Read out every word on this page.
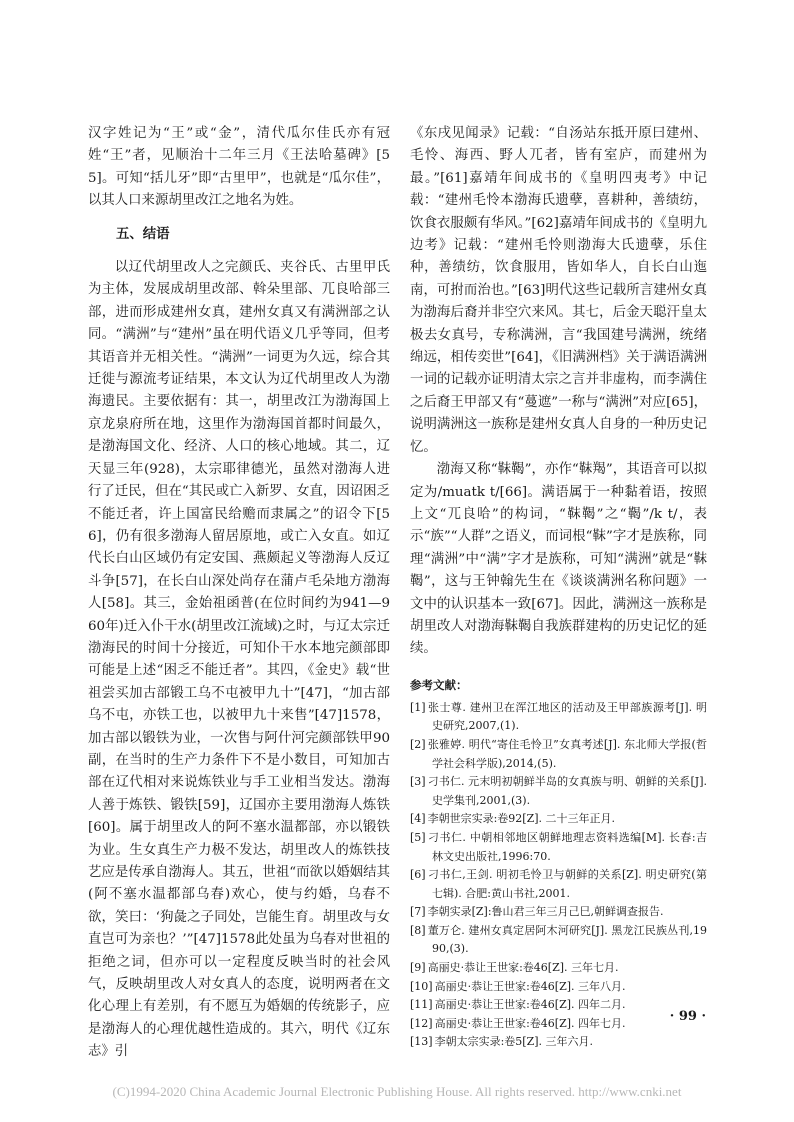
汉字姓记为“王”或“金”，清代瓜尔佳氏亦有冠姓“王”者，见顺治十二年三月《王法哈墓碑》[55]。可知“括儿牙”即“古里甲”，也就是“瓜尔佳”，以其人口来源胡里改江之地名为姓。

五、结语

以辽代胡里改人之完颜氏、夹谷氏、古里甲氏为主体，发展成胡里改部、斡朵里部、兀良哈部三部，进而形成建州女真，建州女真又有满洲部之认同。“满洲”与“建州”虽在明代语义几乎等同，但考其语音并无相关性。“满洲”一词更为久远，综合其迁徙与源流考证结果，本文认为辽代胡里改人为渤海遗民。主要依据有：其一，胡里改江为渤海国上京龙泉府所在地，这里作为渤海国首都时间最久，是渤海国文化、经济、人口的核心地域。其二，辽天显三年(928)，太宗耶律德光，虽然对渤海人进行了迁民，但在“其民或亡入新罗、女直，因诏困乏不能迁者，许上国富民给赡而隶属之”的诏令下[56]，仍有很多渤海人留居原地，或亡入女直。如辽代长白山区域仍有定安国、燕颇起义等渤海人反辽斗争[57]，在长白山深处尚存在蒲卢毛朵地方渤海人[58]。其三，金始祖函普(在位时间约为941—960年)迁入仆干水(胡里改江流域)之时，与辽太宗迁渤海民的时间十分接近，可知仆干水本地完颜部即可能是上述“困乏不能迁者”。其四，《金史》载“世祖尝买加古部锻工乌不屯被甲九十”[47]，“加古部乌不屯，亦铁工也，以被甲九十来售”[47]1578，加古部以锻铁为业，一次售与阿什河完颜部铁甲90副，在当时的生产力条件下不是小数目，可知加古部在辽代相对来说炼铁业与手工业相当发达。渤海人善于炼铁、锻铁[59]，辽国亦主要用渤海人炼铁[60]。属于胡里改人的阿不塞水温都部，亦以锻铁为业。生女真生产力极不发达，胡里改人的炼铁技艺应是传承自渤海人。其五，世祖“而欲以婚姻结其(阿不塞水温都部乌春)欢心，使与约婚，乌春不欲，笑曰：‘狗彘之子同处，岂能生育。胡里改与女直岂可为亲也？’”[47]1578此处虽为乌春对世祖的拒绝之词，但亦可以一定程度反映当时的社会风气，反映胡里改人对女真人的态度，说明两者在文化心理上有差别，有不愿互为婚姻的传统影子，应是渤海人的心理优越性造成的。其六，明代《辽东志》引

《东戌见闻录》记载：“自汤站东抵开原曰建州、毛怜、海西、野人兀者，皆有室庐，而建州为最。”[61]嘉靖年间成书的《皇明四夷考》中记载：“建州毛怜本渤海氏遗孽，喜耕种，善绩纺，饮食衣服颇有华风。”[62]嘉靖年间成书的《皇明九边考》记载：“建州毛怜则渤海大氏遗孽，乐住种，善绩纺，饮食服用，皆如华人，自长白山迤南，可拊而治也。”[63]明代这些记载所言建州女真为渤海后裔并非空穴来风。其七，后金天聪汗皇太极去女真号，专称满洲，言“我国建号满洲，统绪绵远，相传奕世”[64]，《旧满洲档》关于满语满洲一词的记载亦证明清太宗之言并非虚构，而李满住之后裔王甲部又有“蔓遮”一称与“满洲”对应[65]，说明满洲这一族称是建州女真人自身的一种历史记忆。

渤海又称“靺鞨”，亦作“靺羯”，其语音可以拟定为/muatk t/[66]。满语属于一种黏着语，按照上文“兀良哈”的构词，“靺鞨”之“鞨”/k t/，表示“族”“人群”之语义，而词根“靺”字才是族称，同理“满洲”中“满”字才是族称，可知“满洲”就是“靺鞨”，这与王钟翰先生在《谈谈满洲名称问题》一文中的认识基本一致[67]。因此，满洲这一族称是胡里改人对渤海靺鞨自我族群建构的历史记忆的延续。

参考文献：
[1] 张士尊. 建州卫在浑江地区的活动及王甲部族源考[J]. 明史研究,2007,(1).
[2] 张雅婷. 明代“寄住毛怜卫”女真考述[J]. 东北师大学报(哲学社会科学版),2014,(5).
[3] 刁书仁. 元末明初朝鲜半岛的女真族与明、朝鲜的关系[J]. 史学集刊,2001,(3).
[4] 李朝世宗实录:卷92[Z]. 二十三年正月.
[5] 刁书仁. 中朝相邻地区朝鲜地理志资料选编[M]. 长春:吉林文史出版社,1996:70.
[6] 刁书仁,王剑. 明初毛怜卫与朝鲜的关系[Z]. 明史研究(第七辑). 合肥:黄山书社,2001.
[7] 李朝实录[Z]:鲁山君三年三月己巳,朝鲜调查报告.
[8] 董万仑. 建州女真定居阿木河研究[J]. 黑龙江民族丛刊,1990,(3).
[9] 高丽史·恭让王世家:卷46[Z]. 三年七月.
[10] 高丽史·恭让王世家:卷46[Z]. 三年八月.
[11] 高丽史·恭让王世家:卷46[Z]. 四年二月.
[12] 高丽史·恭让王世家:卷46[Z]. 四年七月.
[13] 李朝太宗实录:卷5[Z]. 三年六月.
· 99 ·
(C)1994-2020 China Academic Journal Electronic Publishing House. All rights reserved. http://www.cnki.net
